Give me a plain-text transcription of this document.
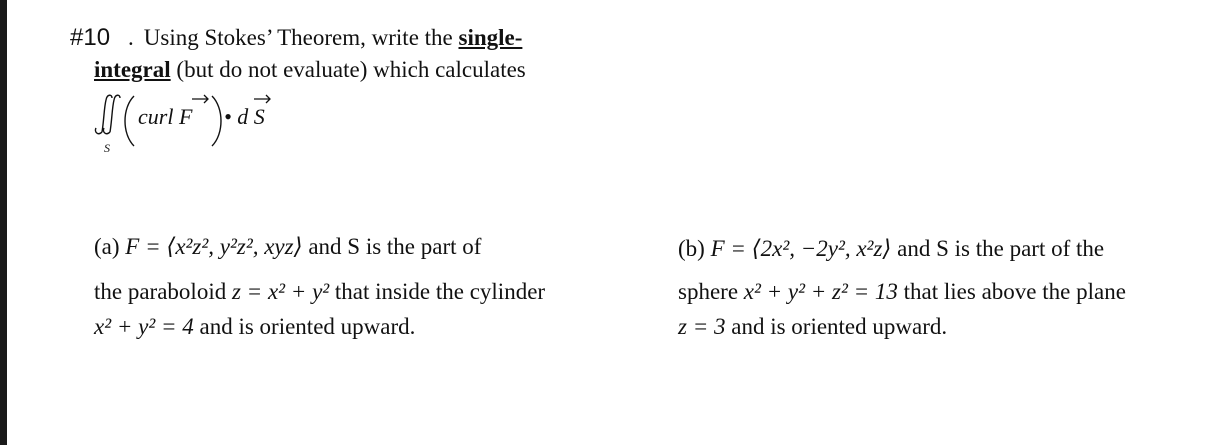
#10 . Using Stokes’ Theorem, write the single-
integral (but do not evaluate) which calculates
curl F • d S
S
(a) F = ⟨x²z², y²z², xyz⟩ and S is the part of
the paraboloid z = x² + y² that inside the cylinder
x² + y² = 4 and is oriented upward.
(b) F = ⟨2x², −2y², x²z⟩ and S is the part of the
sphere x² + y² + z² = 13 that lies above the plane
z = 3 and is oriented upward.
